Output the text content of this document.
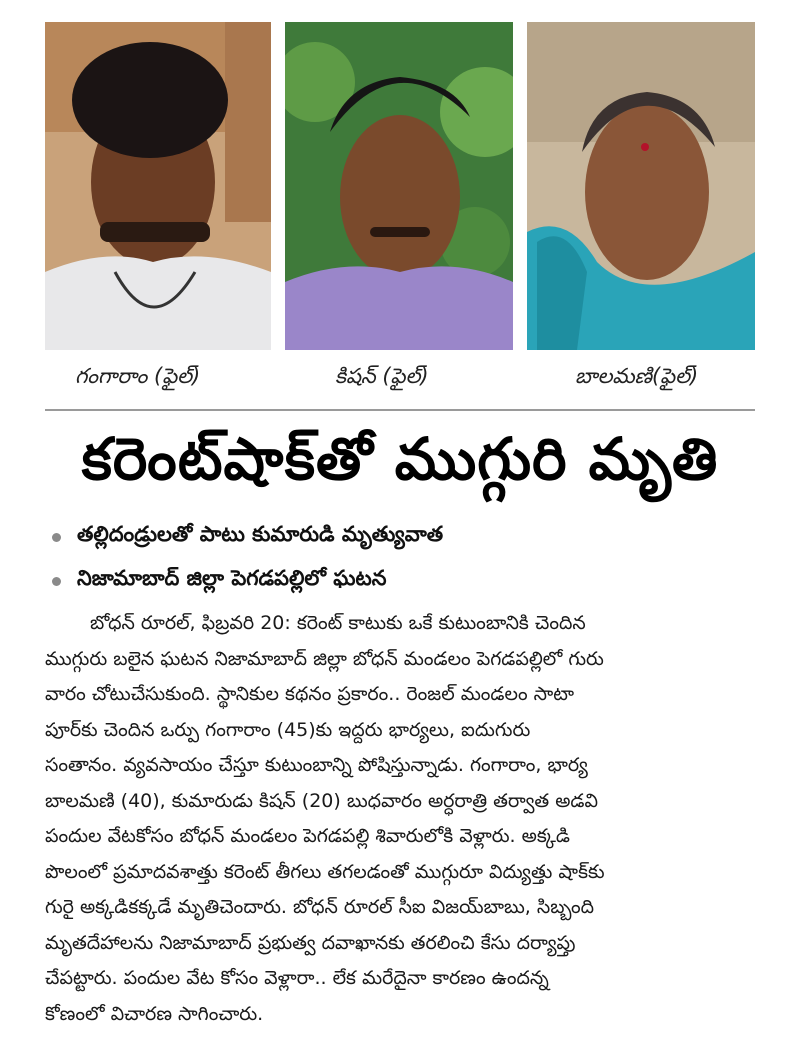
గంగారాం (ఫైల్)	కిషన్ (ఫైల్)	బాలమణి(ఫైల్)
కరెంట్‌షాక్‌తో ముగ్గురి మృతి
తల్లిదండ్రులతో పాటు కుమారుడి మృత్యువాత
నిజామాబాద్ జిల్లా పెగడపల్లిలో ఘటన
బోధన్ రూరల్, ఫిబ్రవరి 20: కరెంట్ కాటుకు ఒకే కుటుంబానికి చెందిన
ముగ్గురు బలైన ఘటన నిజామాబాద్ జిల్లా బోధన్ మండలం పెగడపల్లిలో గురు
వారం చోటుచేసుకుంది. స్థానికుల కథనం ప్రకారం.. రెంజల్ మండలం సాటా
పూర్‌కు చెందిన ఒర్పు గంగారాం (45)కు ఇద్దరు భార్యలు, ఐదుగురు
సంతానం. వ్యవసాయం చేస్తూ కుటుంబాన్ని పోషిస్తున్నాడు. గంగారాం, భార్య
బాలమణి (40), కుమారుడు కిషన్ (20) బుధవారం అర్ధరాత్రి తర్వాత అడవి
పందుల వేటకోసం బోధన్ మండలం పెగడపల్లి శివారులోకి వెళ్లారు. అక్కడి
పొలంలో ప్రమాదవశాత్తు కరెంట్ తీగలు తగలడంతో ముగ్గురూ విద్యుత్తు షాక్‌కు
గురై అక్కడికక్కడే మృతిచెందారు. బోధన్ రూరల్ సీఐ విజయ్‌బాబు, సిబ్బంది
మృతదేహాలను నిజామాబాద్ ప్రభుత్వ దవాఖానకు తరలించి కేసు దర్యాప్తు
చేపట్టారు. పందుల వేట కోసం వెళ్లారా.. లేక మరేదైనా కారణం ఉందన్న
కోణంలో విచారణ సాగించారు.
